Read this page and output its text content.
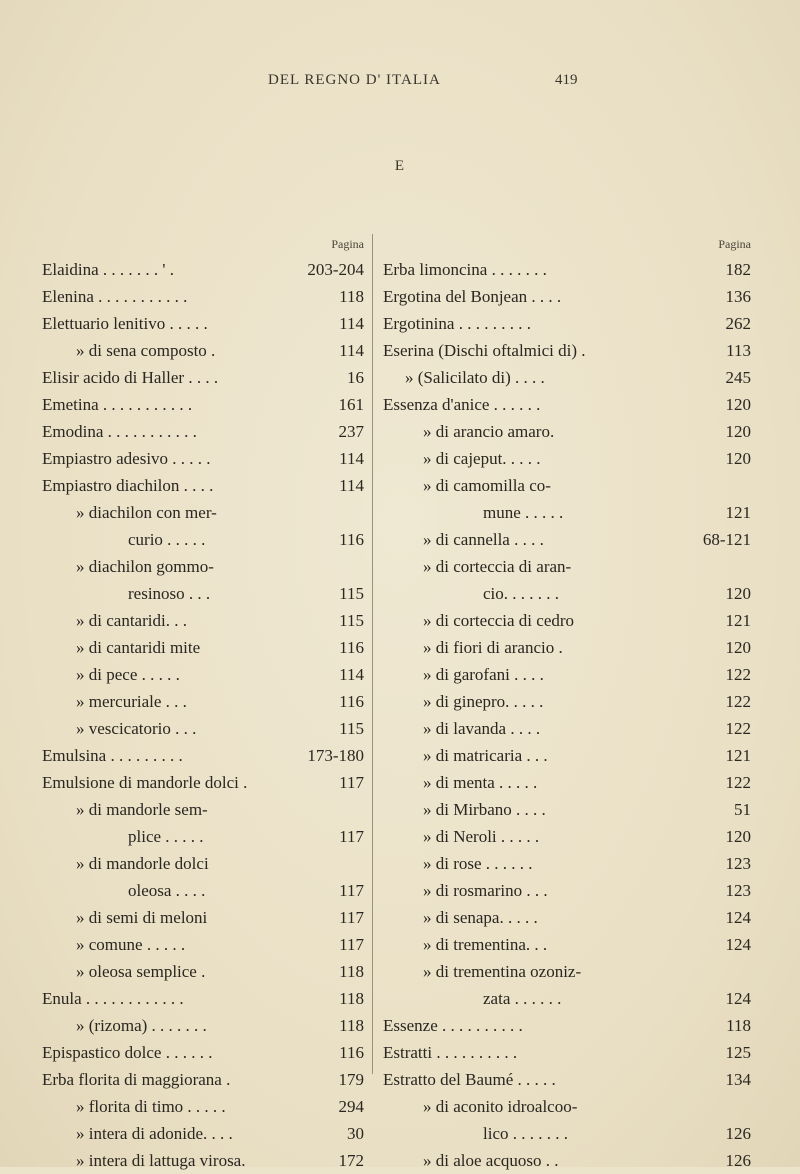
DEL REGNO D' ITALIA	419
E
Pagina
Elaidina . . . . . . . ' .	203-204
Elenina . . . . . . . . . . .	118
Elettuario lenitivo . . . . .	114
» di sena composto .	114
Elisir acido di Haller . . . .	16
Emetina . . . . . . . . . . .	161
Emodina . . . . . . . . . . .	237
Empiastro adesivo . . . . .	114
Empiastro diachilon . . . .	114
» diachilon con mer-
curio . . . . .	116
» diachilon gommo-
resinoso . . .	115
» di cantaridi. . .	115
» di cantaridi mite	116
» di pece . . . . .	114
» mercuriale . . .	116
» vescicatorio . . .	115
Emulsina . . . . . . . . .	173-180
Emulsione di mandorle dolci .	117
» di mandorle sem-
plice . . . . .	117
» di mandorle dolci
oleosa . . . .	117
» di semi di meloni	117
» comune . . . . .	117
» oleosa semplice .	118
Enula . . . . . . . . . . . .	118
» (rizoma) . . . . . . .	118
Epispastico dolce . . . . . .	116
Erba florita di maggiorana .	179
» florita di timo . . . . .	294
» intera di adonide. . . .	30
» intera di lattuga virosa.	172
Pagina
Erba limoncina . . . . . . .	182
Ergotina del Bonjean . . . .	136
Ergotinina . . . . . . . . .	262
Eserina (Dischi oftalmici di) .	113
» (Salicilato di) . . . .	245
Essenza d'anice . . . . . .	120
» di arancio amaro.	120
» di cajeput. . . . .	120
» di camomilla co-
mune . . . . .	121
» di cannella . . . .	68-121
» di corteccia di aran-
cio. . . . . . .	120
» di corteccia di cedro	121
» di fiori di arancio .	120
» di garofani . . . .	122
» di ginepro. . . . .	122
» di lavanda . . . .	122
» di matricaria . . .	121
» di menta . . . . .	122
» di Mirbano . . . .	51
» di Neroli . . . . .	120
» di rose . . . . . .	123
» di rosmarino . . .	123
» di senapa. . . . .	124
» di trementina. . .	124
» di trementina ozoniz-
zata . . . . . .	124
Essenze . . . . . . . . . .	118
Estratti . . . . . . . . . .	125
Estratto del Baumé . . . . .	134
» di aconito idroalcoo-
lico . . . . . . .	126
» di aloe acquoso . .	126
